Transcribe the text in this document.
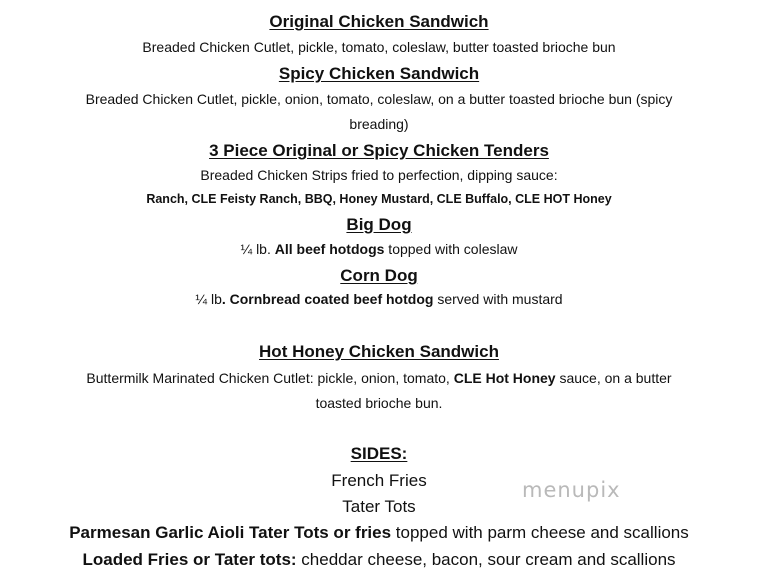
Original Chicken Sandwich
Breaded Chicken Cutlet, pickle, tomato, coleslaw, butter toasted brioche bun
Spicy Chicken Sandwich
Breaded Chicken Cutlet, pickle, onion, tomato, coleslaw, on a butter toasted brioche bun (spicy
breading)
3 Piece Original or Spicy Chicken Tenders
Breaded Chicken Strips fried to perfection, dipping sauce:
Ranch, CLE Feisty Ranch, BBQ, Honey Mustard, CLE Buffalo, CLE HOT Honey
Big Dog
¼ lb. All beef hotdogs topped with coleslaw
Corn Dog
¼ lb. Cornbread coated beef hotdog served with mustard
Hot Honey Chicken Sandwich
Buttermilk Marinated Chicken Cutlet: pickle, onion, tomato, CLE Hot Honey sauce, on a butter
toasted brioche bun.
SIDES:
French Fries
Tater Tots
Parmesan Garlic Aioli Tater Tots or fries topped with parm cheese and scallions
Loaded Fries or Tater tots: cheddar cheese, bacon, sour cream and scallions
menupix
